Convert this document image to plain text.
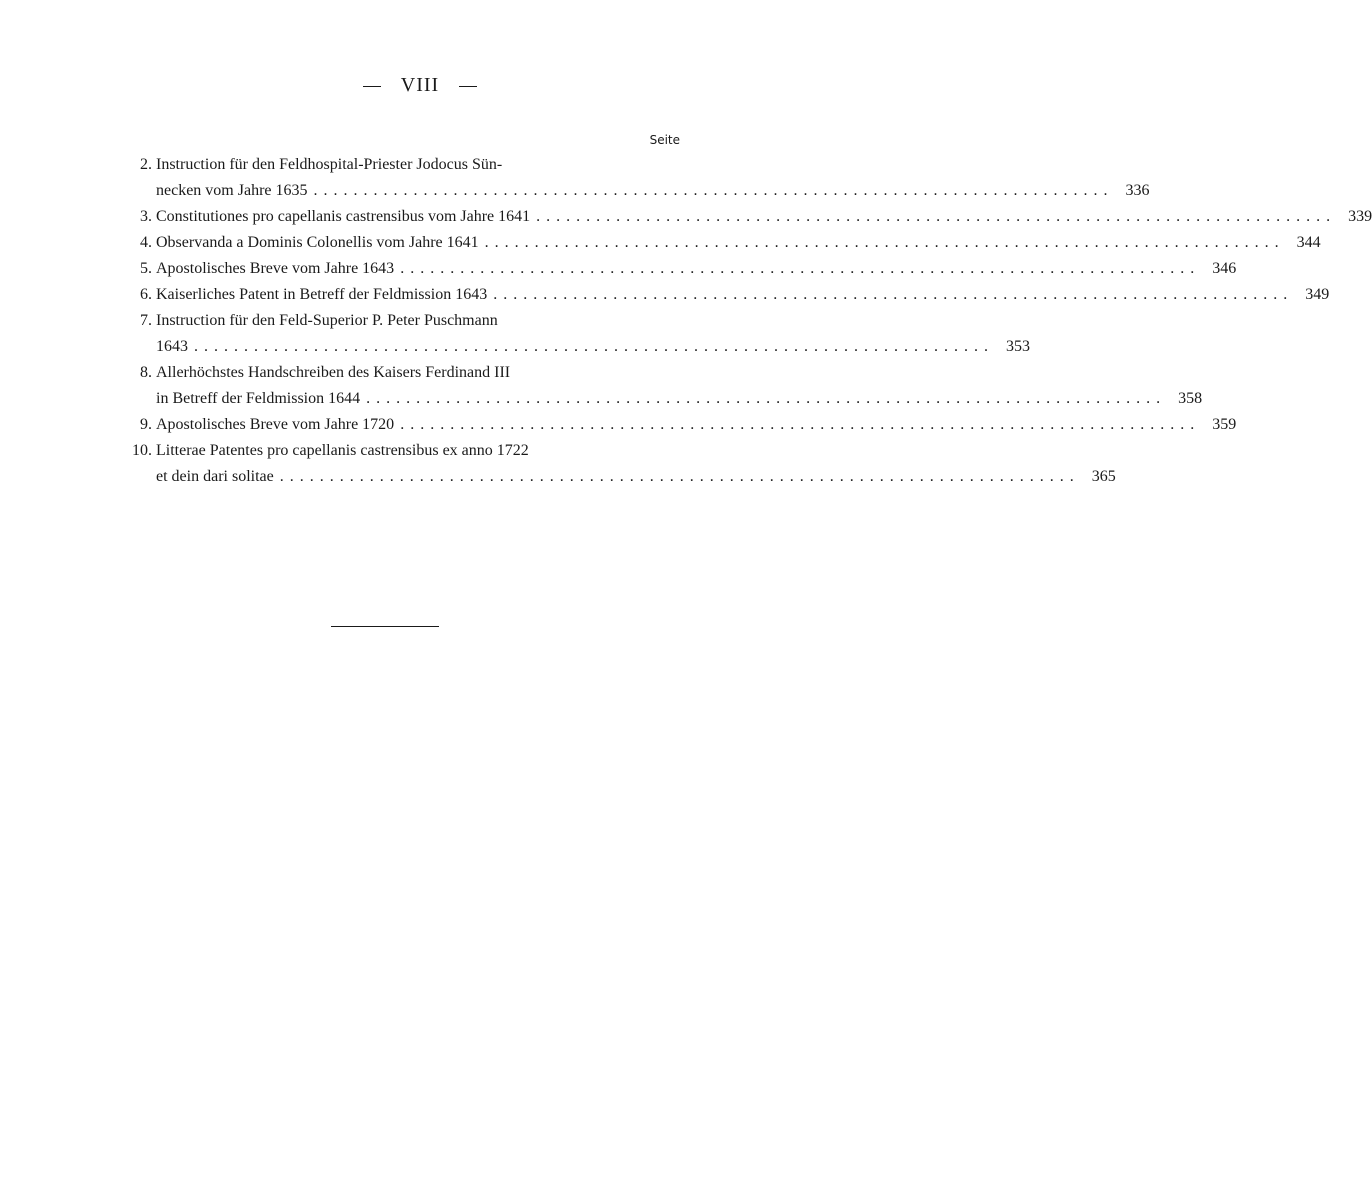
VIII
Seite
2. Instruction für den Feldhospital-Priester Jodocus Sün-
necken vom Jahre 1635 ................................................................................ 336
3. Constitutiones pro capellanis castrensibus vom Jahre 1641 ................................................................................ 339
4. Observanda a Dominis Colonellis vom Jahre 1641 ................................................................................ 344
5. Apostolisches Breve vom Jahre 1643 ................................................................................ 346
6. Kaiserliches Patent in Betreff der Feldmission 1643 ................................................................................ 349
7. Instruction für den Feld-Superior P. Peter Puschmann
1643 ................................................................................ 353
8. Allerhöchstes Handschreiben des Kaisers Ferdinand III
in Betreff der Feldmission 1644 ................................................................................ 358
9. Apostolisches Breve vom Jahre 1720 ................................................................................ 359
10. Litterae Patentes pro capellanis castrensibus ex anno 1722
et dein dari solitae ................................................................................ 365
